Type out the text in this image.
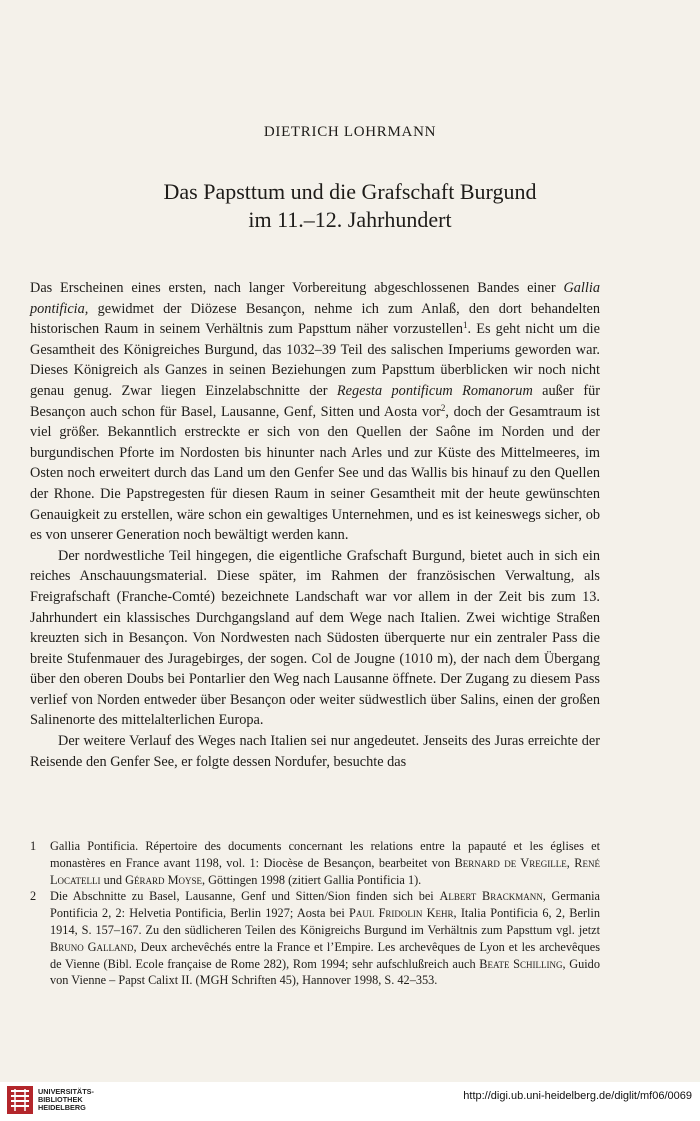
DIETRICH LOHRMANN
Das Papsttum und die Grafschaft Burgund
im 11.–12. Jahrhundert

Das Erscheinen eines ersten, nach langer Vorbereitung abgeschlossenen Bandes einer Gallia pontificia, gewidmet der Diözese Besançon, nehme ich zum Anlaß, den dort behandelten historischen Raum in seinem Verhältnis zum Papsttum näher vorzustellen$^1$. Es geht nicht um die Gesamtheit des Königreiches Burgund, das 1032–39 Teil des salischen Imperiums geworden war. Dieses Königreich als Ganzes in seinen Beziehungen zum Papsttum überblicken wir noch nicht genau genug. Zwar liegen Einzelabschnitte der Regesta pontificum Romanorum außer für Besançon auch schon für Basel, Lausanne, Genf, Sitten und Aosta vor$^2$, doch der Gesamtraum ist viel größer. Bekanntlich erstreckte er sich von den Quellen der Saône im Norden und der burgundischen Pforte im Nordosten bis hinunter nach Arles und zur Küste des Mittelmeeres, im Osten noch erweitert durch das Land um den Genfer See und das Wallis bis hinauf zu den Quellen der Rhone. Die Papstregesten für diesen Raum in seiner Gesamtheit mit der heute gewünschten Genauigkeit zu erstellen, wäre schon ein gewaltiges Unternehmen, und es ist keineswegs sicher, ob es von unserer Generation noch bewältigt werden kann.

Der nordwestliche Teil hingegen, die eigentliche Grafschaft Burgund, bietet auch in sich ein reiches Anschauungsmaterial. Diese später, im Rahmen der französischen Verwaltung, als Freigrafschaft (Franche-Comté) bezeichnete Landschaft war vor allem in der Zeit bis zum 13. Jahrhundert ein klassisches Durchgangsland auf dem Wege nach Italien. Zwei wichtige Straßen kreuzten sich in Besançon. Von Nordwesten nach Südosten überquerte nur ein zentraler Pass die breite Stufenmauer des Juragebirges, der sogen. Col de Jougne (1010 m), der nach dem Übergang über den oberen Doubs bei Pontarlier den Weg nach Lausanne öffnete. Der Zugang zu diesem Pass verlief von Norden entweder über Besançon oder weiter südwestlich über Salins, einen der großen Salinenorte des mittelalterlichen Europa.

Der weitere Verlauf des Weges nach Italien sei nur angedeutet. Jenseits des Juras erreichte der Reisende den Genfer See, er folgte dessen Nordufer, besuchte das

1	Gallia Pontificia. Répertoire des documents concernant les relations entre la papauté et les églises et monastères en France avant 1198, vol. 1: Diocèse de Besançon, bearbeitet von Bernard de Vregille, René Locatelli und Gérard Moyse, Göttingen 1998 (zitiert Gallia Pontificia 1).
2	Die Abschnitte zu Basel, Lausanne, Genf und Sitten/Sion finden sich bei Albert Brackmann, Germania Pontificia 2, 2: Helvetia Pontificia, Berlin 1927; Aosta bei Paul Fridolin Kehr, Italia Pontificia 6, 2, Berlin 1914, S. 157–167. Zu den südlicheren Teilen des Königreichs Burgund im Verhältnis zum Papsttum vgl. jetzt Bruno Galland, Deux archevêchés entre la France et l’Empire. Les archevêques de Lyon et les archevêques de Vienne (Bibl. Ecole française de Rome 282), Rom 1994; sehr aufschlußreich auch Beate Schilling, Guido von Vienne – Papst Calixt II. (MGH Schriften 45), Hannover 1998, S. 42–353.
UNIVERSITÄTS-
BIBLIOTHEK
HEIDELBERG
http://digi.ub.uni-heidelberg.de/diglit/mf06/0069
